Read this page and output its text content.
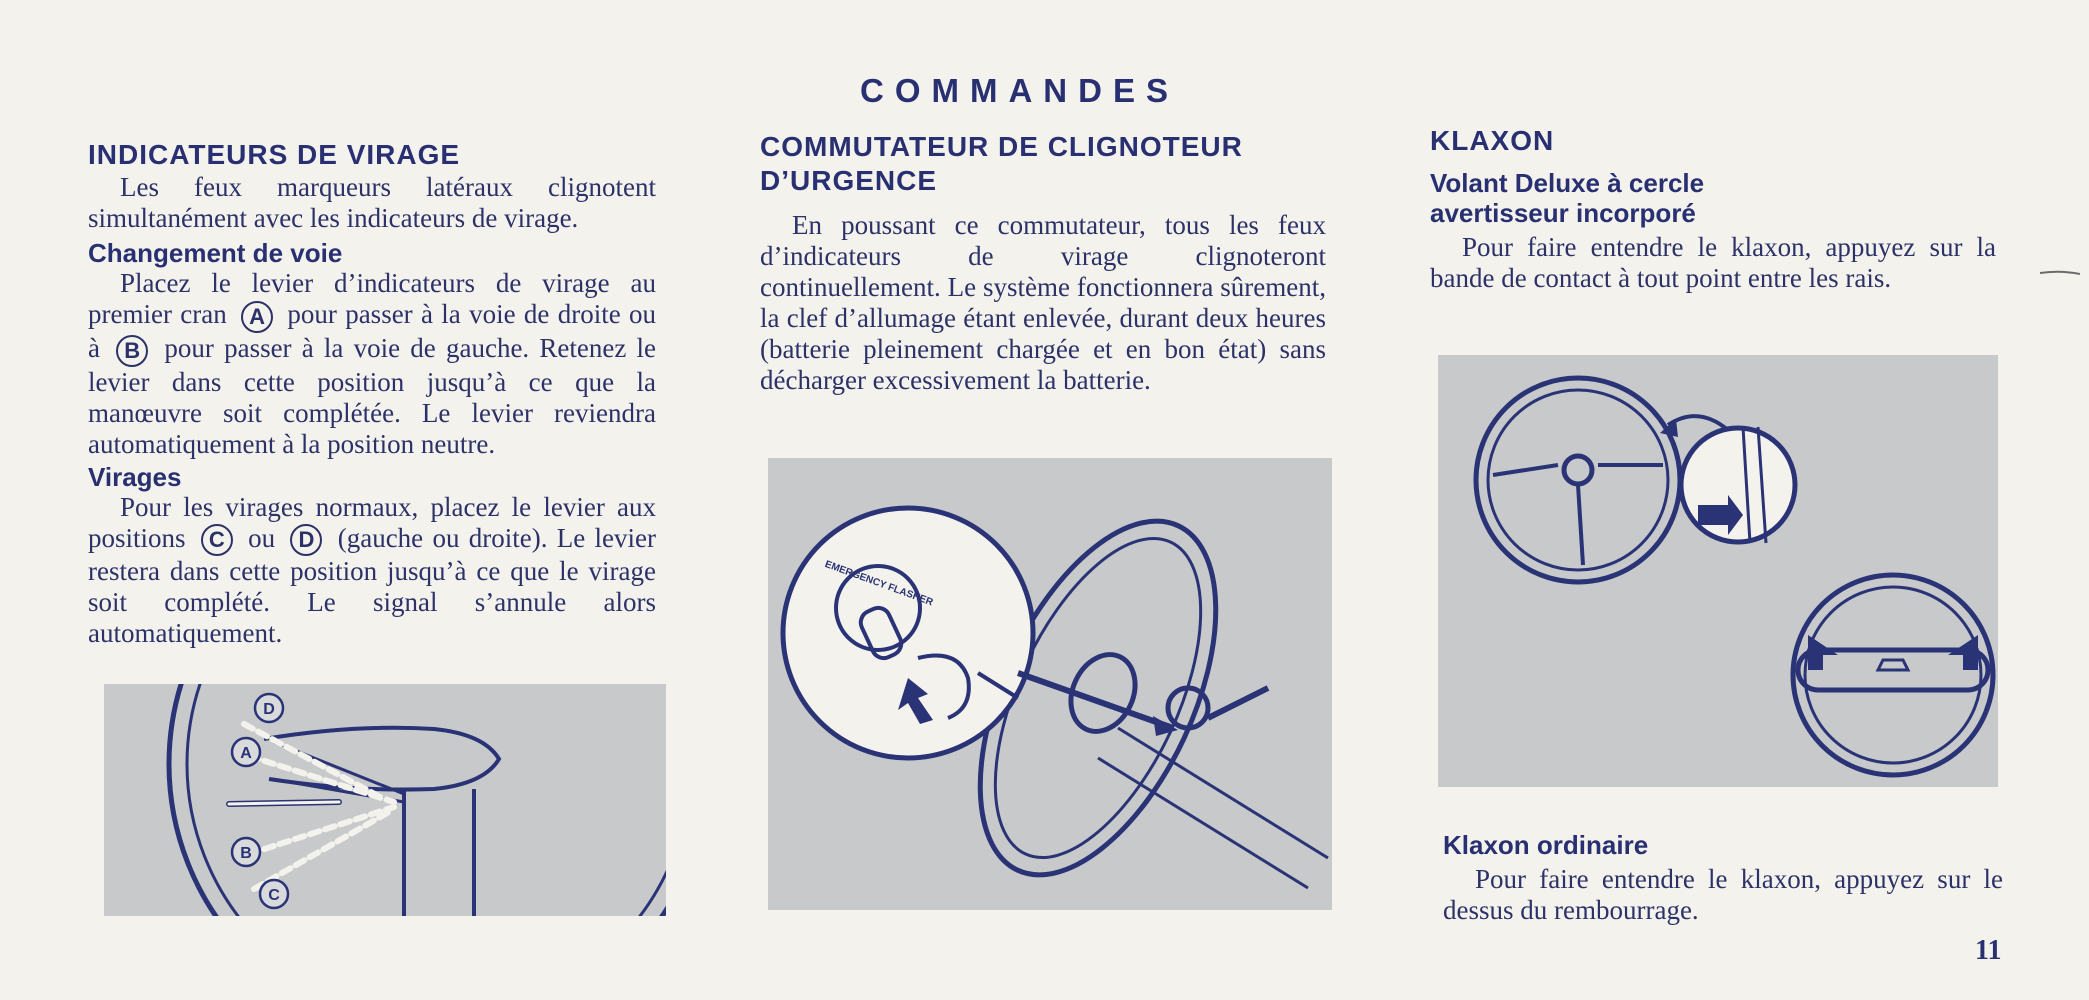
COMMANDES
INDICATEURS DE VIRAGE

Les feux marqueurs latéraux clignotent simultanément avec les indicateurs de virage.

Changement de voie

Placez le levier d’indicateurs de virage au premier cran A pour passer à la voie de droite ou à B pour passer à la voie de gauche. Retenez le levier dans cette position jusqu’à ce que la manœuvre soit complétée. Le levier reviendra automatiquement à la position neutre.

Virages

Pour les virages normaux, placez le levier aux positions C ou D (gauche ou droite). Le levier restera dans cette position jusqu’à ce que le virage soit complété. Le signal s’annule alors automatiquement.

D
A
B
C
COMMUTATEUR DE CLIGNOTEUR
D’URGENCE

En poussant ce commutateur, tous les feux d’indicateurs de virage clignoteront continuellement. Le système fonctionnera sûrement, la clef d’allumage étant enlevée, durant deux heures (batterie pleinement chargée et en bon état) sans décharger excessivement la batterie.

EMERGENCY FLASHER
KLAXON
Volant Deluxe à cercle
avertisseur incorporé

Pour faire entendre le klaxon, appuyez sur la bande de contact à tout point entre les rais.

Klaxon ordinaire

Pour faire entendre le klaxon, appuyez sur le dessus du rembourrage.

11
